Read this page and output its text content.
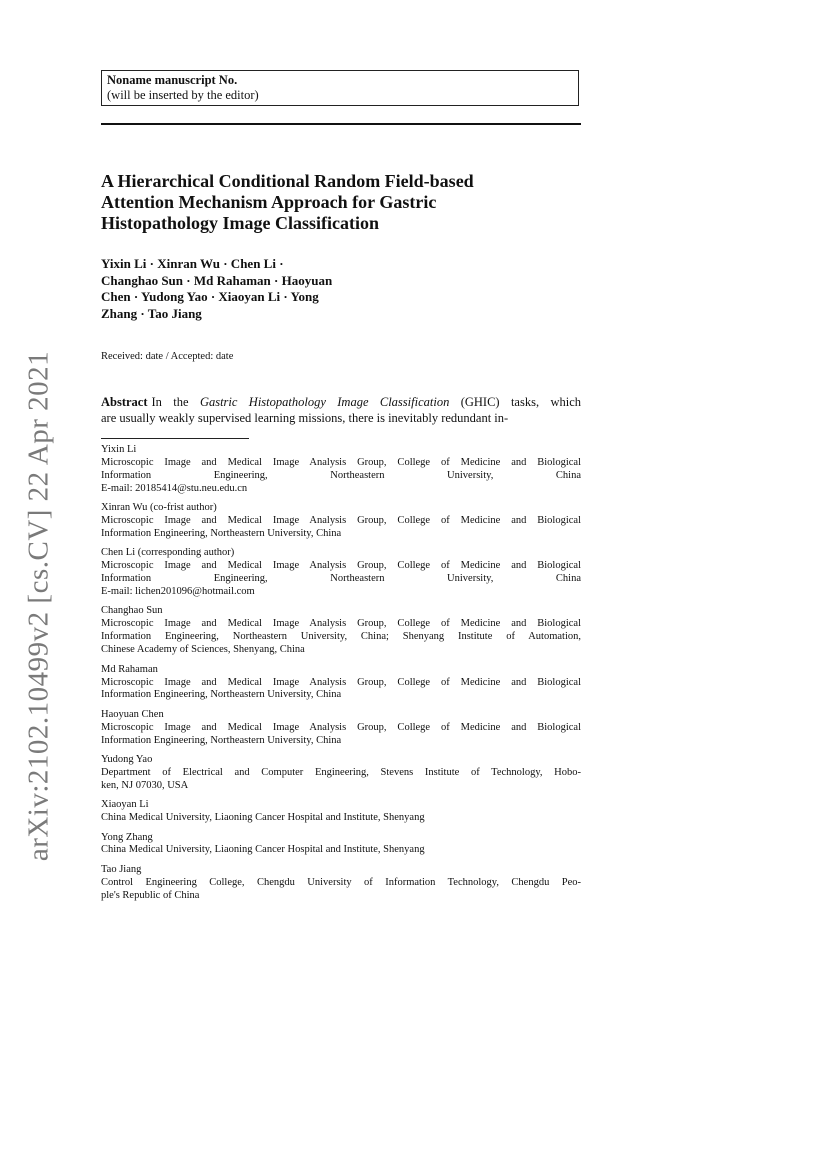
arXiv:2102.10499v2 [cs.CV] 22 Apr 2021
Noname manuscript No.
(will be inserted by the editor)
A Hierarchical Conditional Random Field-based
Attention Mechanism Approach for Gastric
Histopathology Image Classification
Yixin Li · Xinran Wu · Chen Li ·
Changhao Sun · Md Rahaman · Haoyuan
Chen · Yudong Yao · Xiaoyan Li · Yong
Zhang · Tao Jiang
Received: date / Accepted: date
Abstract In the Gastric Histopathology Image Classification (GHIC) tasks, which
are usually weakly supervised learning missions, there is inevitably redundant in-
Yixin Li
Microscopic Image and Medical Image Analysis Group, College of Medicine and Biological
Information Engineering, Northeastern University, China
E-mail: 20185414@stu.neu.edu.cn
Xinran Wu (co-frist author)
Microscopic Image and Medical Image Analysis Group, College of Medicine and Biological
Information Engineering, Northeastern University, China
Chen Li (corresponding author)
Microscopic Image and Medical Image Analysis Group, College of Medicine and Biological
Information Engineering, Northeastern University, China
E-mail: lichen201096@hotmail.com
Changhao Sun
Microscopic Image and Medical Image Analysis Group, College of Medicine and Biological
Information Engineering, Northeastern University, China; Shenyang Institute of Automation,
Chinese Academy of Sciences, Shenyang, China
Md Rahaman
Microscopic Image and Medical Image Analysis Group, College of Medicine and Biological
Information Engineering, Northeastern University, China
Haoyuan Chen
Microscopic Image and Medical Image Analysis Group, College of Medicine and Biological
Information Engineering, Northeastern University, China
Yudong Yao
Department of Electrical and Computer Engineering, Stevens Institute of Technology, Hobo-
ken, NJ 07030, USA
Xiaoyan Li
China Medical University, Liaoning Cancer Hospital and Institute, Shenyang
Yong Zhang
China Medical University, Liaoning Cancer Hospital and Institute, Shenyang
Tao Jiang
Control Engineering College, Chengdu University of Information Technology, Chengdu Peo-
ple's Republic of China
